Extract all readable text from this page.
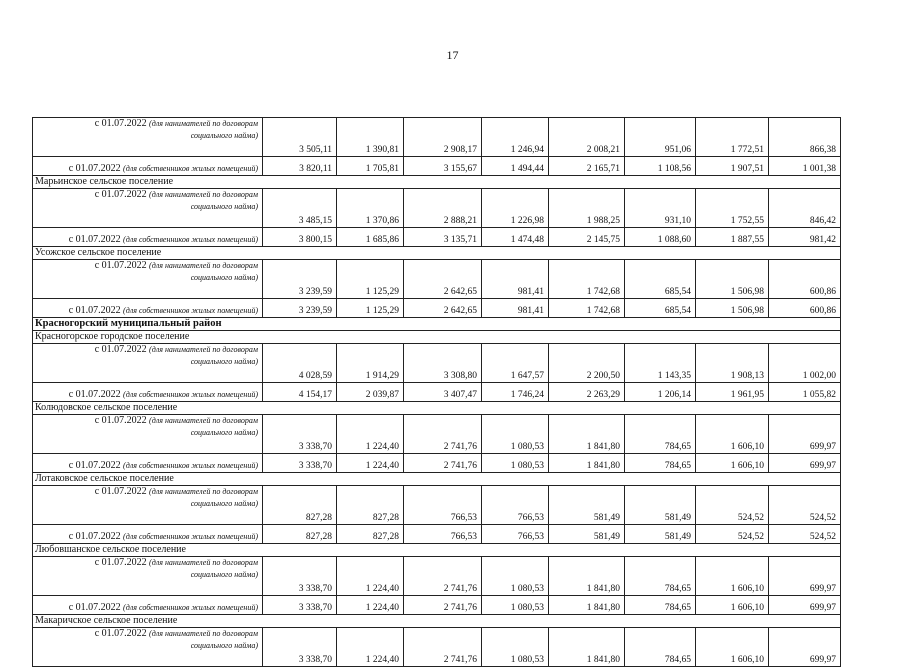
17
с 01.07.2022 (для нанимателей по договорам
социального найма)	3 505,11	1 390,81	2 908,17	1 246,94	2 008,21	951,06	1 772,51	866,38
с 01.07.2022 (для собственников жилых помещений)	3 820,11	1 705,81	3 155,67	1 494,44	2 165,71	1 108,56	1 907,51	1 001,38
Марьинское сельское поселение								

с 01.07.2022 (для нанимателей по договорам
социального найма)	3 485,15	1 370,86	2 888,21	1 226,98	1 988,25	931,10	1 752,55	846,42
с 01.07.2022 (для собственников жилых помещений)	3 800,15	1 685,86	3 135,71	1 474,48	2 145,75	1 088,60	1 887,55	981,42
Усожское сельское поселение								

с 01.07.2022 (для нанимателей по договорам
социального найма)	3 239,59	1 125,29	2 642,65	981,41	1 742,68	685,54	1 506,98	600,86
с 01.07.2022 (для собственников жилых помещений)	3 239,59	1 125,29	2 642,65	981,41	1 742,68	685,54	1 506,98	600,86
Красногорский муниципальный район								
Красногорское городское поселение								

с 01.07.2022 (для нанимателей по договорам
социального найма)	4 028,59	1 914,29	3 308,80	1 647,57	2 200,50	1 143,35	1 908,13	1 002,00
с 01.07.2022 (для собственников жилых помещений)	4 154,17	2 039,87	3 407,47	1 746,24	2 263,29	1 206,14	1 961,95	1 055,82
Колюдовское сельское поселение								

с 01.07.2022 (для нанимателей по договорам
социального найма)	3 338,70	1 224,40	2 741,76	1 080,53	1 841,80	784,65	1 606,10	699,97
с 01.07.2022 (для собственников жилых помещений)	3 338,70	1 224,40	2 741,76	1 080,53	1 841,80	784,65	1 606,10	699,97
Лотаковское сельское поселение								

с 01.07.2022 (для нанимателей по договорам
социального найма)	827,28	827,28	766,53	766,53	581,49	581,49	524,52	524,52
с 01.07.2022 (для собственников жилых помещений)	827,28	827,28	766,53	766,53	581,49	581,49	524,52	524,52
Любовшанское сельское поселение								

с 01.07.2022 (для нанимателей по договорам
социального найма)	3 338,70	1 224,40	2 741,76	1 080,53	1 841,80	784,65	1 606,10	699,97
с 01.07.2022 (для собственников жилых помещений)	3 338,70	1 224,40	2 741,76	1 080,53	1 841,80	784,65	1 606,10	699,97
Макаричское сельское поселение								

с 01.07.2022 (для нанимателей по договорам
социального найма)	3 338,70	1 224,40	2 741,76	1 080,53	1 841,80	784,65	1 606,10	699,97
